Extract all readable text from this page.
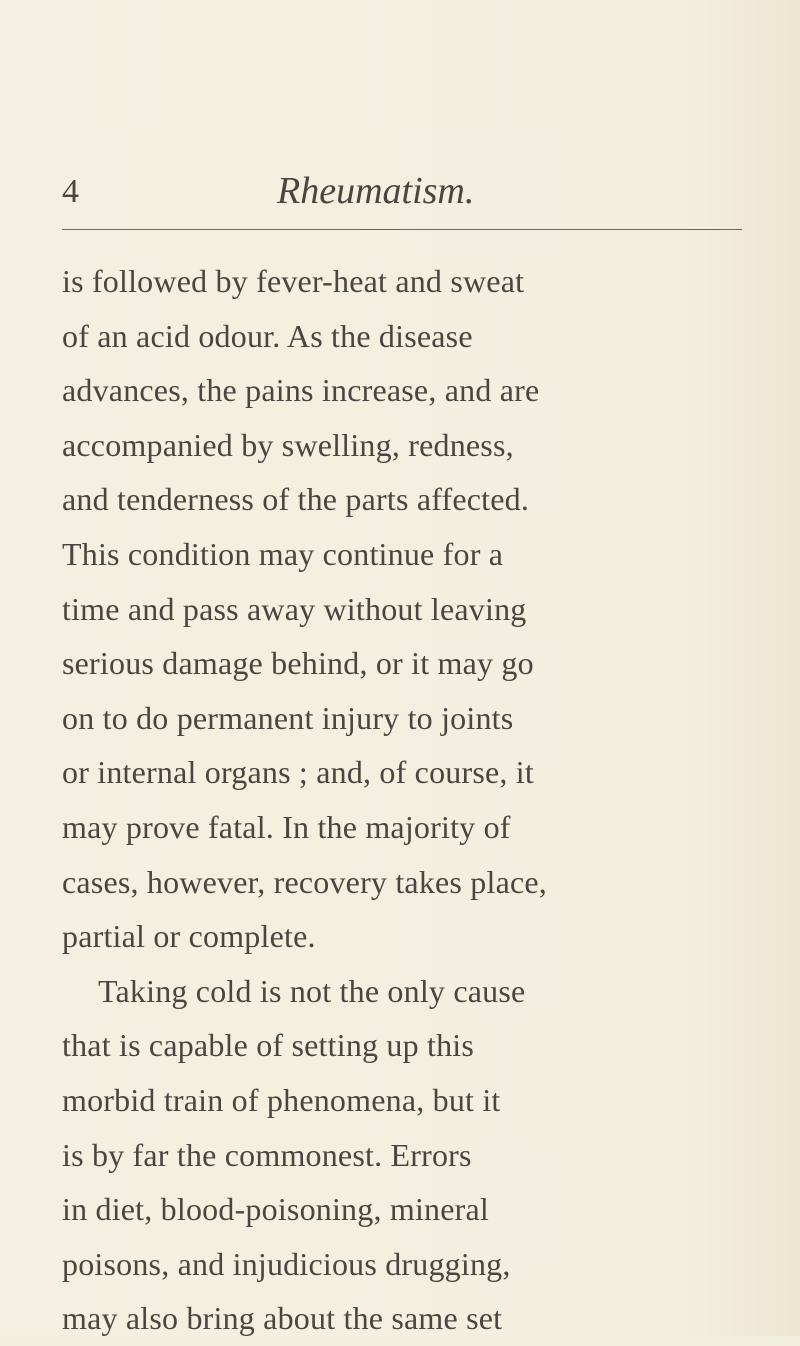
4	Rheumatism.
is followed by fever-heat and sweat
of an acid odour. As the disease
advances, the pains increase, and are
accompanied by swelling, redness,
and tenderness of the parts affected.
This condition may continue for a
time and pass away without leaving
serious damage behind, or it may go
on to do permanent injury to joints
or internal organs ; and, of course, it
may prove fatal. In the majority of
cases, however, recovery takes place,
partial or complete.
Taking cold is not the only cause
that is capable of setting up this
morbid train of phenomena, but it
is by far the commonest. Errors
in diet, blood-poisoning, mineral
poisons, and injudicious drugging,
may also bring about the same set
